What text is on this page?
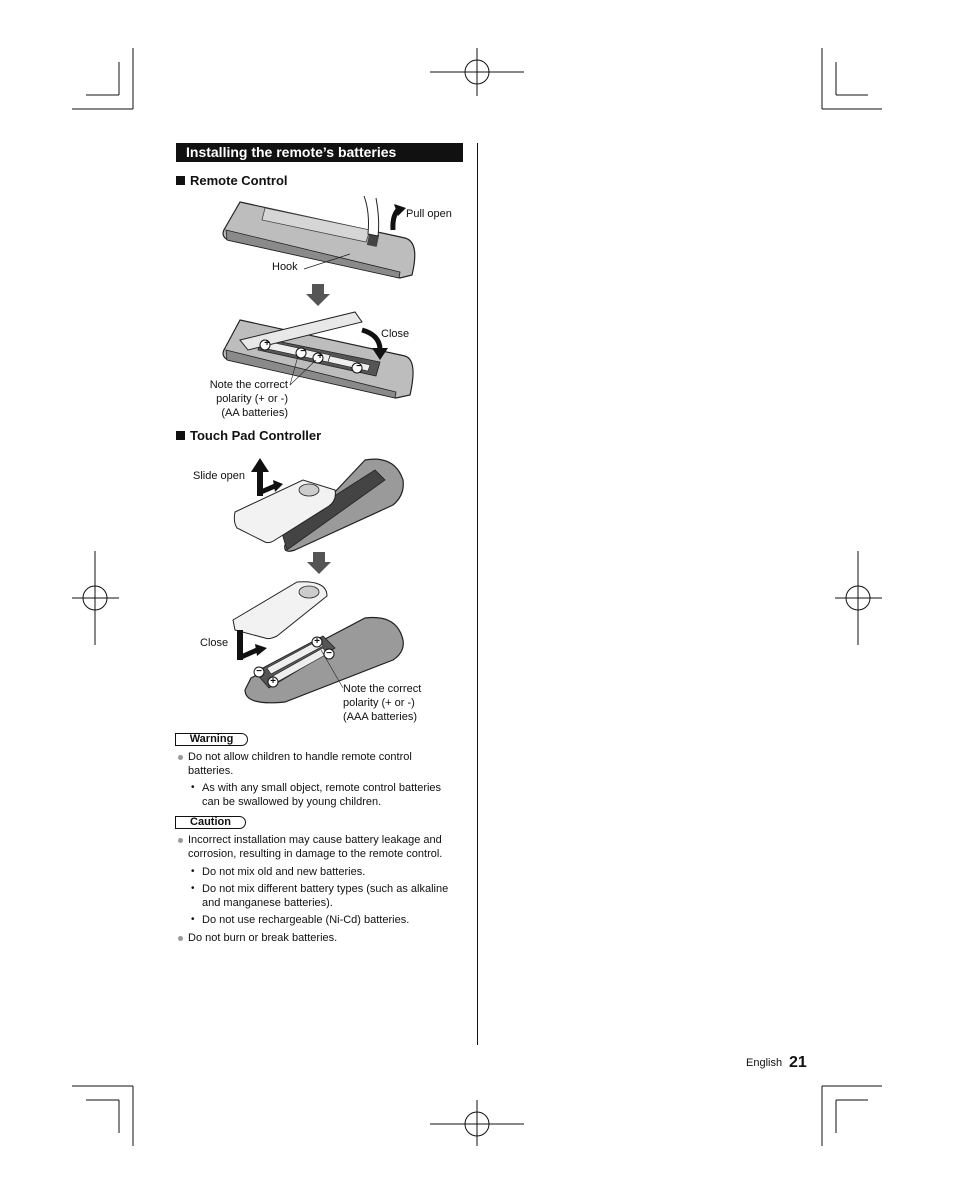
Installing the remote’s batteries
Remote Control
+
−	+
−
Pull open
Hook
Close
Note the correct
polarity (+ or -)
(AA batteries)
Touch Pad Controller
+
−
−
+
Slide open
Close
Note the correct
polarity (+ or -)
(AAA batteries)
Warning
Do not allow children to handle remote control
batteries.
• As with any small object, remote control batteries
can be swallowed by young children.
Caution
Incorrect installation may cause battery leakage and
corrosion, resulting in damage to the remote control.
• Do not mix old and new batteries.
• Do not mix different battery types (such as alkaline
and manganese batteries).
• Do not use rechargeable (Ni-Cd) batteries.
Do not burn or break batteries.
English 21
